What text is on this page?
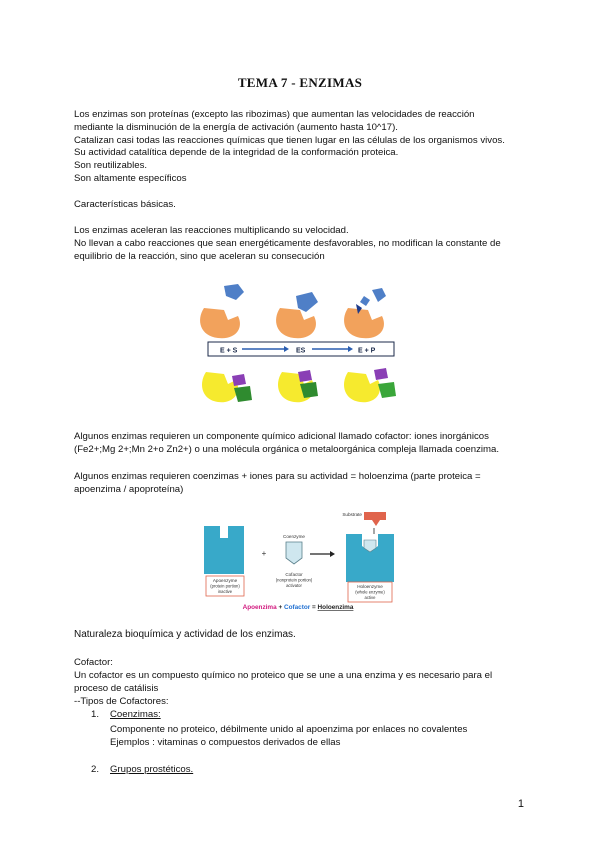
TEMA 7 - ENZIMAS
Los enzimas son proteínas (excepto las ribozimas) que aumentan las velocidades de reacción
mediante la disminución de la energía de activación (aumento hasta 10^17).
Catalizan casi todas las reacciones químicas que tienen lugar en las células de los organismos vivos.
Su actividad catalítica depende de la integridad de la conformación proteica.
Son reutilizables.
Son altamente específicos
Características básicas.
Los enzimas aceleran las reacciones multiplicando su velocidad.
No llevan a cabo reacciones que sean energéticamente desfavorables, no modifican la constante de
equilibrio de la reacción, sino que aceleran su consecución
E + S	ES	E + P
Algunos enzimas requieren un componente químico adicional llamado cofactor: iones inorgánicos
(Fe2+;Mg 2+;Mn 2+o Zn2+) o una molécula orgánica o metaloorgánica compleja llamada coenzima.
Algunos enzimas requieren coenzimas + iones para su actividad = holoenzima (parte proteica =
apoenzima / apoproteína)
Apoenzyme
(protein portion)
inactive
+
Coenzyme
Cofactor
(nonprotein portion)
activator
Substrate
Holoenzyme
(whole enzyme)
active
Apoenzima + Cofactor = Holoenzima
Naturaleza bioquímica y actividad de los enzimas.
Cofactor:
Un cofactor es un compuesto químico no proteico que se une a una enzima y es necesario para el
proceso de catálisis
--Tipos de Cofactores:
1. Coenzimas:
Componente no proteico, débilmente unido al apoenzima por enlaces no covalentes
Ejemplos : vitaminas o compuestos derivados de ellas
2. Grupos prostéticos.
1
